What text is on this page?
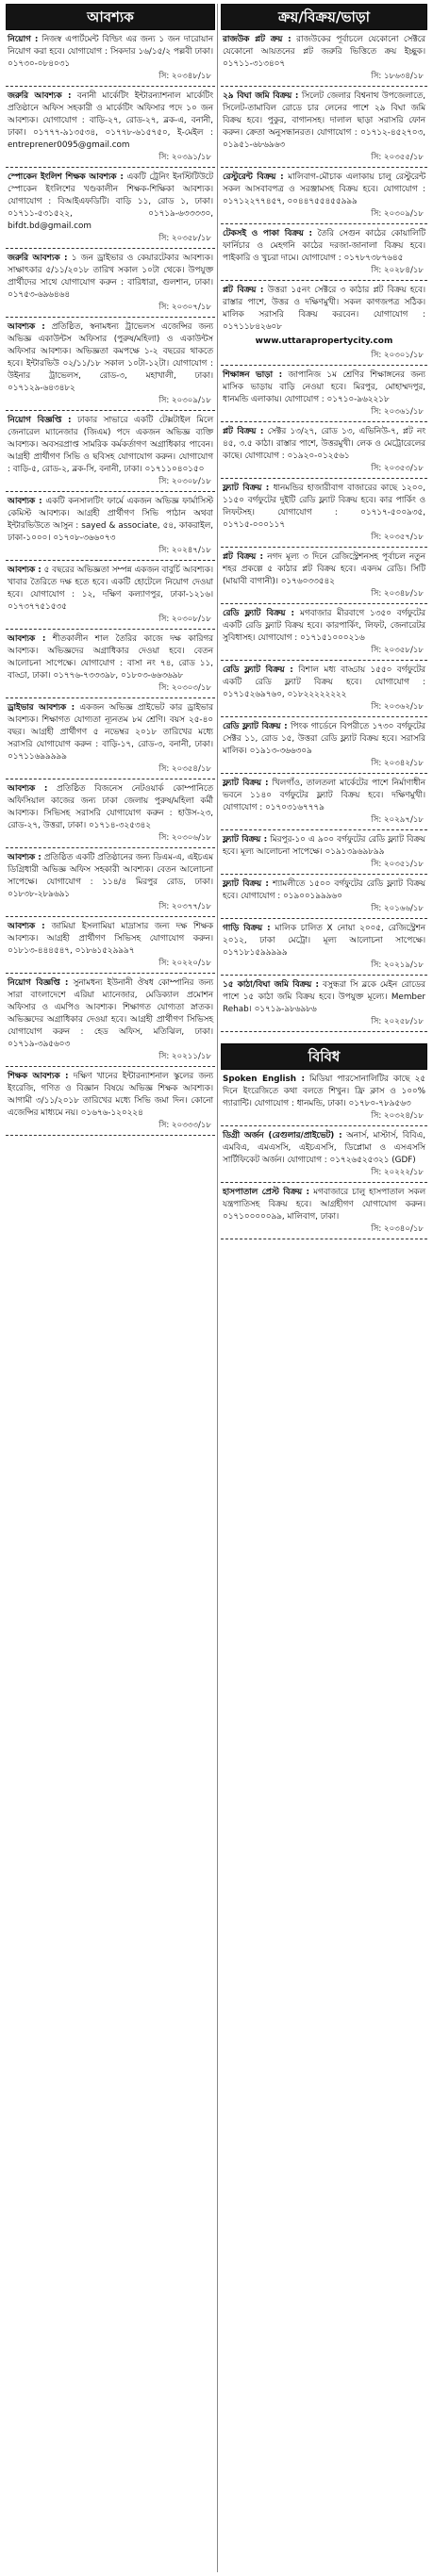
আবশ্যক
নিয়োগ : নিজস্ব এপার্টমেন্ট বিল্ডিং এর জন্য ১ জন দারোয়ান নিয়োগ করা হবে। যোগাযোগ : সিকদার ১৬/১৫/২ পল্লবী ঢাকা। ০১৭৩০-০৮৪০৩১
সি: ২০৩৪৮/১৮
জরুরি আবশ্যক : বনানী মার্কেটিং ইন্টারন্যাশনাল মার্কেটিং প্রতিষ্ঠানে অফিস সহকারী ও মার্কেটিং অফিসার পদে ১০ জন আবশ্যক। যোগাযোগ : বাড়ি-২৭, রোড-২৭, ব্লক-এ, বনানী, ঢাকা। ০১৭৭৭-৯১৩৫৩৪, ০১৭৭৮-৬১৫৭৫০, ই-মেইল : entreprener0095@gmail.com
সি: ২০৩৯১/১৮
স্পোকেন ইংলিশ শিক্ষক আবশ্যক : একটি ট্রেনিং ইনস্টিটিউটে স্পোকেন ইংলিশের খণ্ডকালীন শিক্ষক-শিক্ষিকা আবশ্যক। যোগাযোগ : বিআইএফডিটি। বাড়ি ১১, রোড ১, ঢাকা। ০১৭১১-৫৩১৫২২, ০১৭১৯-৬৩৩৩৩০, bifdt.bd@gmail.com
সি: ২০৩৫৮/১৮
জরুরি আবশ্যক : ১ জন ড্রাইভার ও কেয়ারটেকার আবশ্যক। সাক্ষাৎকার ৫/১১/২০১৮ তারিখ সকাল ১০টা থেকে। উপযুক্ত প্রার্থীদের সাথে যোগাযোগ করুন : বারিধারা, গুলশান, ঢাকা। ০১৭৫৩-৬৯৬৪৬৪
সি: ২০৩০৭/১৮
আবশ্যক : প্রতিষ্ঠিত, স্বনামধন্য ট্রাভেলস এজেন্সির জন্য অভিজ্ঞ একাউন্টস অফিসার (পুরুষ/মহিলা) ও একাউন্টস অফিসার আবশ্যক। অভিজ্ঞতা কমপক্ষে ১-২ বছরের থাকতে হবে। ইন্টারভিউ ০২/১১/১৮ সকাল ১০টা-১২টা। যোগাযোগ : উইনার ট্রাভেলস, রোড-৩, মহাখালী, ঢাকা। ০১৭১২৯-৬৪৩৪৮২
সি: ২০৩০৯/১৮
নিয়োগ বিজ্ঞপ্তি : ঢাকার সাভারে একটি টেক্সটাইল মিলে জেনারেল ম্যানেজার (জিএম) পদে একজন অভিজ্ঞ ব্যক্তি আবশ্যক। অবসরপ্রাপ্ত সামরিক কর্মকর্তাগণ অগ্রাধিকার পাবেন। আগ্রহী প্রার্থীগণ সিভি ও ছবিসহ যোগাযোগ করুন। যোগাযোগ : বাড়ি-৫, রোড-২, ব্লক-সি, বনানী, ঢাকা। ০১৭১১০৪০১৫০
সি: ২০৩০৮/১৮
আবশ্যক : একটি কনসালটিং ফার্মে একজন অভিজ্ঞ ফার্মাসিস্ট কেমিস্ট আবশ্যক। আগ্রহী প্রার্থীগণ সিভি পাঠান অথবা ইন্টারভিউতে আসুন : sayed & associate, ৫৪, কাকরাইল, ঢাকা-১০০০। ০১৭০৮-৩৬৬০৭৩
সি: ২০২৪৭/১৮
আবশ্যক : ৫ বছরের অভিজ্ঞতা সম্পন্ন একজন বাবুর্চি আবশ্যক। খাবার তৈরিতে দক্ষ হতে হবে। একটি হোটেলে নিয়োগ দেওয়া হবে। যোগাযোগ : ১২, দক্ষিণ কল্যাণপুর, ঢাকা-১২১৬। ০১৭৩৭৭৫১৫৩৫
সি: ২০৩০৮/১৮
আবশ্যক : শীতকালীন শাল তৈরির কাজে দক্ষ কারিগর আবশ্যক। অভিজ্ঞদের অগ্রাধিকার দেওয়া হবে। বেতন আলোচনা সাপেক্ষে। যোগাযোগ : বাসা নং ৭৪, রোড ১১, বাড্ডা, ঢাকা। ০১৭৭৬-৭৩৩৩৯৮, ০১৮০৩-৬৬৩৬৯৮
সি: ২০৩০৩/১৮
ড্রাইভার আবশ্যক : একজন অভিজ্ঞ প্রাইভেট কার ড্রাইভার আবশ্যক। শিক্ষাগত যোগ্যতা ন্যূনতম ৮ম শ্রেণি। বয়স ২৫-৪০ বছর। আগ্রহী প্রার্থীগণ ৫ নভেম্বর ২০১৮ তারিখের মধ্যে সরাসরি যোগাযোগ করুন : বাড়ি-১৭, রোড-৩, বনানী, ঢাকা। ০১৭১১৬৯৯৯৯৯
সি: ২০৩৫৪/১৮
আবশ্যক : প্রতিষ্ঠিত বিজনেস নেটওয়ার্ক কোম্পানিতে অফিসিয়াল কাজের জন্য ঢাকা জেলায় পুরুষ/মহিলা কর্মী আবশ্যক। সিভিসহ সরাসরি যোগাযোগ করুন : হাউস-২৩, রোড-২৭, উত্তরা, ঢাকা। ০১৭১৪-৩২৫৩৪২
সি: ২০৩০৬/১৮
আবশ্যক : প্রতিষ্ঠিত একটি প্রতিষ্ঠানের জন্য ডিএম-এ, এইচএম ডিগ্রিধারী অভিজ্ঞ অফিস সহকারী আবশ্যক। বেতন আলোচনা সাপেক্ষে। যোগাযোগ : ১১৪/৪ মিরপুর রোড, ঢাকা। ০১৮৩৮-২৮৯৬৯১
সি: ২০৩৭৭/১৮
আবশ্যক : জামিয়া ইসলামিয়া মাদ্রাসার জন্য দক্ষ শিক্ষক আবশ্যক। আগ্রহী প্রার্থীগণ সিভিসহ যোগাযোগ করুন। ০১৮১৩-৪৪৪৫৪৭, ০১৮৬১৫২৯৯৯৭
সি: ২০২২০/১৮
নিয়োগ বিজ্ঞপ্তি : সুনামধন্য ইউনানী ঔষধ কোম্পানির জন্য সারা বাংলাদেশে এরিয়া ম্যানেজার, মেডিক্যাল প্রমোশন অফিসার ও এমপিও আবশ্যক। শিক্ষাগত যোগ্যতা স্নাতক। অভিজ্ঞদের অগ্রাধিকার দেওয়া হবে। আগ্রহী প্রার্থীগণ সিভিসহ যোগাযোগ করুন : হেড অফিস, মতিঝিল, ঢাকা। ০১৭১৯-৩৯৫৬০৩
সি: ২০২১১/১৮
শিক্ষক আবশ্যক : দক্ষিণ খানের ইন্টারন্যাশনাল স্কুলের জন্য ইংরেজি, গণিত ও বিজ্ঞান বিষয়ে অভিজ্ঞ শিক্ষক আবশ্যক। আগামী ৩/১১/২০১৮ তারিখের মধ্যে সিভি জমা দিন। কোনো এজেন্সির মাধ্যমে নয়। ০১৬৭৬-১২০২২৪
সি: ২০৩৩৩/১৮
ক্রয়/বিক্রয়/ভাড়া
রাজউক প্লট ক্রয় : রাজউকের পূর্বাচলে যেকোনো সেক্টরে যেকোনো আয়তনের প্লট জরুরি ভিত্তিতে ক্রয় ইচ্ছুক। ০১৭১১-৩১৩৪০৭
সি: ১৮৬৩৪/১৮
২৯ বিঘা জমি বিক্রয় : সিলেট জেলার বিশ্বনাথ উপজেলাতে, সিলেট-তামাবিল রোডে চার লেনের পাশে ২৯ বিঘা জমি বিক্রয় হবে। পুকুর, বাগানসহ। দালাল ছাড়া সরাসরি ফোন করুন। ক্রেতা অনুসন্ধানরত। যোগাযোগ : ০১৭১২-৪৫২৭০৩, ০১৯৫১-৬৮৬৯৬৩
সি: ২০৩৫৫/১৮
রেস্টুরেন্ট বিক্রয় : মালিবাগ-মৌচাক এলাকায় চালু রেস্টুরেন্ট সকল আসবাবপত্র ও সরঞ্জামসহ বিক্রয় হবে। যোগাযোগ : ০১৭১২২৭৭৪৫৭, ০০৪৪৭৫৫৪৫৫৯৯৯
সি: ২০৩০৯/১৮
টেকসই ও পাকা বিক্রয় : তৈরি সেগুন কাঠের কোয়ালিটি ফার্নিচার ও মেহগনি কাঠের দরজা-জানালা বিক্রয় হবে। পাইকারি ও খুচরা দামে। যোগাযোগ : ০১৭৮৭৩৮৭৬৪৫
সি: ২০২৮৪/১৮
প্লট বিক্রয় : উত্তরা ১৫নং সেক্টরে ৩ কাঠার প্লট বিক্রয় হবে। রাস্তার পাশে, উত্তর ও দক্ষিণমুখী। সকল কাগজপত্র সঠিক। মালিক সরাসরি বিক্রয় করবেন। যোগাযোগ : ০১৭১১৮৪২৬০৮
www.uttarapropertycity.com
সি: ২০৩০১/১৮
শিক্ষাঙ্গন ভাড়া : জাপানিজ ১ম শ্রেণির শিক্ষাঙ্গনের জন্য মাসিক ভাড়ায় বাড়ি নেওয়া হবে। মিরপুর, মোহাম্মদপুর, ধানমন্ডি এলাকায়। যোগাযোগ : ০১৭১০-৯৬২২১৮
সি: ২০৩৬১/১৮
প্লট বিক্রয় : সেক্টর ১৩/২৭, রোড ১৩, এভিনিউ-৭, প্লট নং ৪৫, ৩.৫ কাঠা। রাস্তার পাশে, উত্তরমুখী। লেক ও মেট্রোরেলের কাছে। যোগাযোগ : ০১৯২০-০১২৫৬১
সি: ২০৩৫৩/১৮
ফ্ল্যাট বিক্রয় : ধানমন্ডির হাজারীবাগ বাজারের কাছে ১২০০, ১১৫০ বর্গফুটের দুইটি রেডি ফ্ল্যাট বিক্রয় হবে। কার পার্কিং ও লিফটসহ। যোগাযোগ : ০১৭১৭-৫০০৯৩৫, ০১৭১৫-০০০১১৭
সি: ২০৩৫৭/১৮
প্লট বিক্রয় : নগদ মূল্য ৩ দিনে রেজিস্ট্রেশনসহ পূর্বাচল নতুন শহর প্রকল্পে ৫ কাঠার প্লট বিক্রয় হবে। একদম রেডি। সিটি (মায়াবী বাগানী)। ০১৭৬০৩৩৫৪২
সি: ২০৩৪৮/১৮
রেডি ফ্ল্যাট বিক্রয় : মগবাজার মীরবাগে ১৩৫০ বর্গফুটের একটি রেডি ফ্ল্যাট বিক্রয় হবে। কারপার্কিং, লিফট, জেনারেটর সুবিধাসহ। যোগাযোগ : ০১৭১৫১০০০২১৬
সি: ২০৩৫৮/১৮
রেডি ফ্ল্যাট বিক্রয় : বিশাল মধ্য বাড্ডায় ১৫৫০ বর্গফুটের একটি রেডি ফ্ল্যাট বিক্রয় হবে। যোগাযোগ : ০১৭১৫২৬৯৭৬০, ০১৮২২২২২২২২
সি: ২০৩৬২/১৮
রেডি ফ্ল্যাট বিক্রয় : পিংক গার্ডেনে বিপরীতে ১৭৩০ বর্গফুটের সেক্টর ১১, রোড ১৫, উত্তরা রেডি ফ্ল্যাট বিক্রয় হবে। সরাসরি মালিক। ০১৯১৩-৩৬৬৩০৯
সি: ২০৩৪২/১৮
ফ্ল্যাট বিক্রয় : খিলগাঁও, তালতলা মার্কেটের পাশে নির্মাণাধীন ভবনে ১১৪০ বর্গফুটের ফ্ল্যাট বিক্রয় হবে। দক্ষিণমুখী। যোগাযোগ : ০১৭০৩১৬৭৭৭৯
সি: ২০২৯৭/১৮
ফ্ল্যাট বিক্রয় : মিরপুর-১০ এ ৯০০ বর্গফুটের রেডি ফ্ল্যাট বিক্রয় হবে। মূল্য আলোচনা সাপেক্ষে। ০১৯১৩৯৬৯৮৯৯
সি: ২০৩৫১/১৮
ফ্ল্যাট বিক্রয় : শ্যামলীতে ১৫০০ বর্গফুটের রেডি ফ্ল্যাট বিক্রয় হবে। যোগাযোগ : ০১৯০০১৯৯৯৬০
সি: ২০১৬৬/১৮
গাড়ি বিক্রয় : মালিক চালিত X নোয়া ২০০৫, রেজিস্ট্রেশন ২০১২, ঢাকা মেট্রো। মূল্য আলোচনা সাপেক্ষে। ০১৭১৮১৫৯৯৯৯৯
সি: ২০২১৯/১৮
১৫ কাঠা/বিঘা জমি বিক্রয় : বসুন্ধরা সি ব্লকে মেইন রোডের পাশে ১৫ কাঠা জমি বিক্রয় হবে। উপযুক্ত মূল্যে। Member Rehab। ০১৭১৯-৯৮৬৯৮৬
সি: ২০২৫৮/১৮
বিবিধ
Spoken English : মিডিয়া পারসোনালিটির কাছে ২৫ দিনে ইংরেজিতে কথা বলতে শিখুন। ফ্রি ক্লাস ও ১০০% গ্যারান্টি। যোগাযোগ : ধানমন্ডি, ঢাকা। ০১৭৮০-৭৮৯৫৬৩
সি: ২০৩২৪/১৮
ডিগ্রী অর্জন (রেগুলার/প্রাইভেট) : অনার্স, মাস্টার্স, বিবিএ, এমবিএ, এমএসসি, এইচএসসি, ডিপ্লোমা ও এসএসসি সার্টিফিকেট অর্জন। যোগাযোগ : ০১৭২৬৫২৫৩২১ (GDF)
সি: ২০২২২/১৮
হাসপাতাল প্রেস্ট বিক্রয় : মগবাজারে চালু হাসপাতাল সকল যন্ত্রপাতিসহ বিক্রয় হবে। আগ্রহীগণ যোগাযোগ করুন। ০১৭১০০০০০৯৯, মালিবাগ, ঢাকা।
সি: ২০৩৪০/১৮
